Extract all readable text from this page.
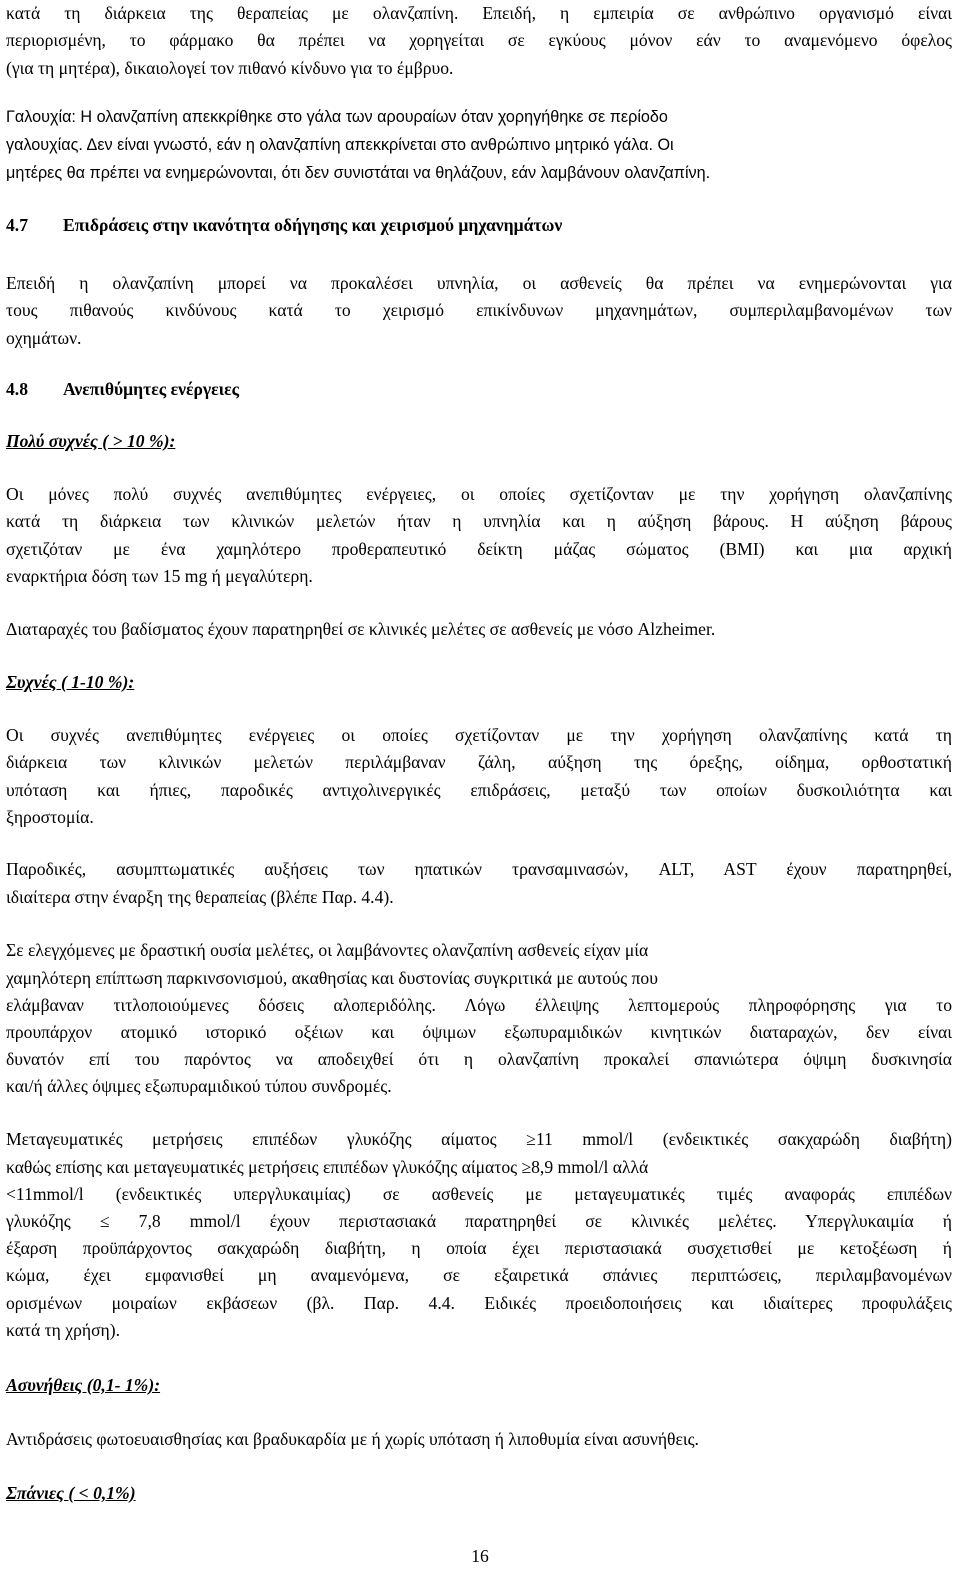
κατά τη διάρκεια της θεραπείας με ολανζαπίνη. Επειδή, η εμπειρία σε ανθρώπινο οργανισμό είναι
περιορισμένη, το φάρμακο θα πρέπει να χορηγείται σε εγκύους μόνον εάν το αναμενόμενο όφελος
(για τη μητέρα), δικαιολογεί τον πιθανό κίνδυνο για το έμβρυο.
Γαλουχία: Η ολανζαπίνη απεκκρίθηκε στο γάλα των αρουραίων όταν χορηγήθηκε σε περίοδο
γαλουχίας. Δεν είναι γνωστό, εάν η ολανζαπίνη απεκκρίνεται στο ανθρώπινο μητρικό γάλα. Οι
μητέρες θα πρέπει να ενημερώνονται, ότι δεν συνιστάται να θηλάζουν, εάν λαμβάνουν ολανζαπίνη.
4.7 Επιδράσεις στην ικανότητα οδήγησης και χειρισμού μηχανημάτων
Επειδή η ολανζαπίνη μπορεί να προκαλέσει υπνηλία, οι ασθενείς θα πρέπει να ενημερώνονται για
τους πιθανούς κινδύνους κατά το χειρισμό επικίνδυνων μηχανημάτων, συμπεριλαμβανομένων των
οχημάτων.
4.8 Ανεπιθύμητες ενέργειες
Πολύ συχνές ( > 10 %):
Οι μόνες πολύ συχνές ανεπιθύμητες ενέργειες, οι οποίες σχετίζονταν με την χορήγηση ολανζαπίνης
κατά τη διάρκεια των κλινικών μελετών ήταν η υπνηλία και η αύξηση βάρους. Η αύξηση βάρους
σχετιζόταν με ένα χαμηλότερο προθεραπευτικό δείκτη μάζας σώματος (BMI) και μια αρχική
εναρκτήρια δόση των 15 mg ή μεγαλύτερη.
Διαταραχές του βαδίσματος έχουν παρατηρηθεί σε κλινικές μελέτες σε ασθενείς με νόσο Alzheimer.
Συχνές ( 1-10 %):
Οι συχνές ανεπιθύμητες ενέργειες οι οποίες σχετίζονταν με την χορήγηση ολανζαπίνης κατά τη
διάρκεια των κλινικών μελετών περιλάμβαναν ζάλη, αύξηση της όρεξης, οίδημα, ορθοστατική
υπόταση και ήπιες, παροδικές αντιχολινεργικές επιδράσεις, μεταξύ των οποίων δυσκοιλιότητα και
ξηροστομία.
Παροδικές, ασυμπτωματικές αυξήσεις των ηπατικών τρανσαμινασών, ALT, AST έχουν παρατηρηθεί,
ιδιαίτερα στην έναρξη της θεραπείας (βλέπε Παρ. 4.4).
Σε ελεγχόμενες με δραστική ουσία μελέτες, οι λαμβάνοντες ολανζαπίνη ασθενείς είχαν μία
χαμηλότερη επίπτωση παρκινσονισμού, ακαθησίας και δυστονίας συγκριτικά με αυτούς που
ελάμβαναν τιτλοποιούμενες δόσεις αλοπεριδόλης. Λόγω έλλειψης λεπτομερούς πληροφόρησης για το
προυπάρχον ατομικό ιστορικό οξέιων και όψιμων εξωπυραμιδικών κινητικών διαταραχών, δεν είναι
δυνατόν επί του παρόντος να αποδειχθεί ότι η ολανζαπίνη προκαλεί σπανιώτερα όψιμη δυσκινησία
και/ή άλλες όψιμες εξωπυραμιδικού τύπου συνδρομές.
Μεταγευματικές μετρήσεις επιπέδων γλυκόζης αίματος ≥11 mmol/l (ενδεικτικές σακχαρώδη διαβήτη)
καθώς επίσης και μεταγευματικές μετρήσεις επιπέδων γλυκόζης αίματος ≥8,9 mmol/l αλλά
<11mmol/l (ενδεικτικές υπεργλυκαιμίας) σε ασθενείς με μεταγευματικές τιμές αναφοράς επιπέδων
γλυκόζης ≤ 7,8 mmol/l έχουν περιστασιακά παρατηρηθεί σε κλινικές μελέτες. Υπεργλυκαιμία ή
έξαρση προϋπάρχοντος σακχαρώδη διαβήτη, η οποία έχει περιστασιακά συσχετισθεί με κετοξέωση ή
κώμα, έχει εμφανισθεί μη αναμενόμενα, σε εξαιρετικά σπάνιες περιπτώσεις, περιλαμβανομένων
ορισμένων μοιραίων εκβάσεων (βλ. Παρ. 4.4. Ειδικές προειδοποιήσεις και ιδιαίτερες προφυλάξεις
κατά τη χρήση).
Ασυνήθεις (0,1- 1%):
Αντιδράσεις φωτοευαισθησίας και βραδυκαρδία με ή χωρίς υπόταση ή λιποθυμία είναι ασυνήθεις.
Σπάνιες ( < 0,1%)
16
